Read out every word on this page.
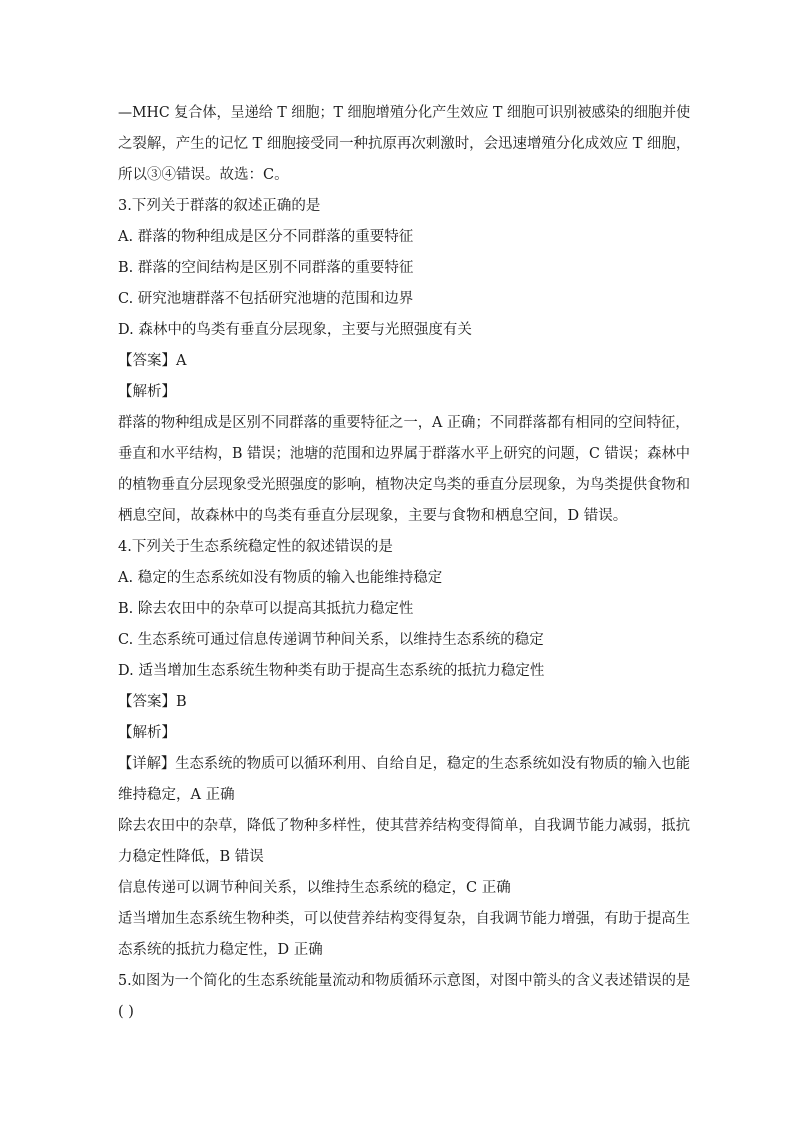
—MHC 复合体，呈递给 T 细胞；T 细胞增殖分化产生效应 T 细胞可识别被感染的细胞并使
之裂解，产生的记忆 T 细胞接受同一种抗原再次刺激时，会迅速增殖分化成效应 T 细胞，
所以③④错误。故选：C。
3.下列关于群落的叙述正确的是
A. 群落的物种组成是区分不同群落的重要特征
B. 群落的空间结构是区别不同群落的重要特征
C. 研究池塘群落不包括研究池塘的范围和边界
D. 森林中的鸟类有垂直分层现象，主要与光照强度有关
【答案】A
【解析】
群落的物种组成是区别不同群落的重要特征之一，A 正确；不同群落都有相同的空间特征，
垂直和水平结构，B 错误；池塘的范围和边界属于群落水平上研究的问题，C 错误；森林中
的植物垂直分层现象受光照强度的影响，植物决定鸟类的垂直分层现象，为鸟类提供食物和
栖息空间，故森林中的鸟类有垂直分层现象，主要与食物和栖息空间，D 错误。
4.下列关于生态系统稳定性的叙述错误的是
A. 稳定的生态系统如没有物质的输入也能维持稳定
B. 除去农田中的杂草可以提高其抵抗力稳定性
C. 生态系统可通过信息传递调节种间关系，以维持生态系统的稳定
D. 适当增加生态系统生物种类有助于提高生态系统的抵抗力稳定性
【答案】B
【解析】
【详解】生态系统的物质可以循环利用、自给自足，稳定的生态系统如没有物质的输入也能
维持稳定，A 正确
除去农田中的杂草，降低了物种多样性，使其营养结构变得简单，自我调节能力减弱，抵抗
力稳定性降低，B 错误
信息传递可以调节种间关系，以维持生态系统的稳定，C 正确
适当增加生态系统生物种类，可以使营养结构变得复杂，自我调节能力增强，有助于提高生
态系统的抵抗力稳定性，D 正确
5.如图为一个简化的生态系统能量流动和物质循环示意图，对图中箭头的含义表述错误的是
( )
